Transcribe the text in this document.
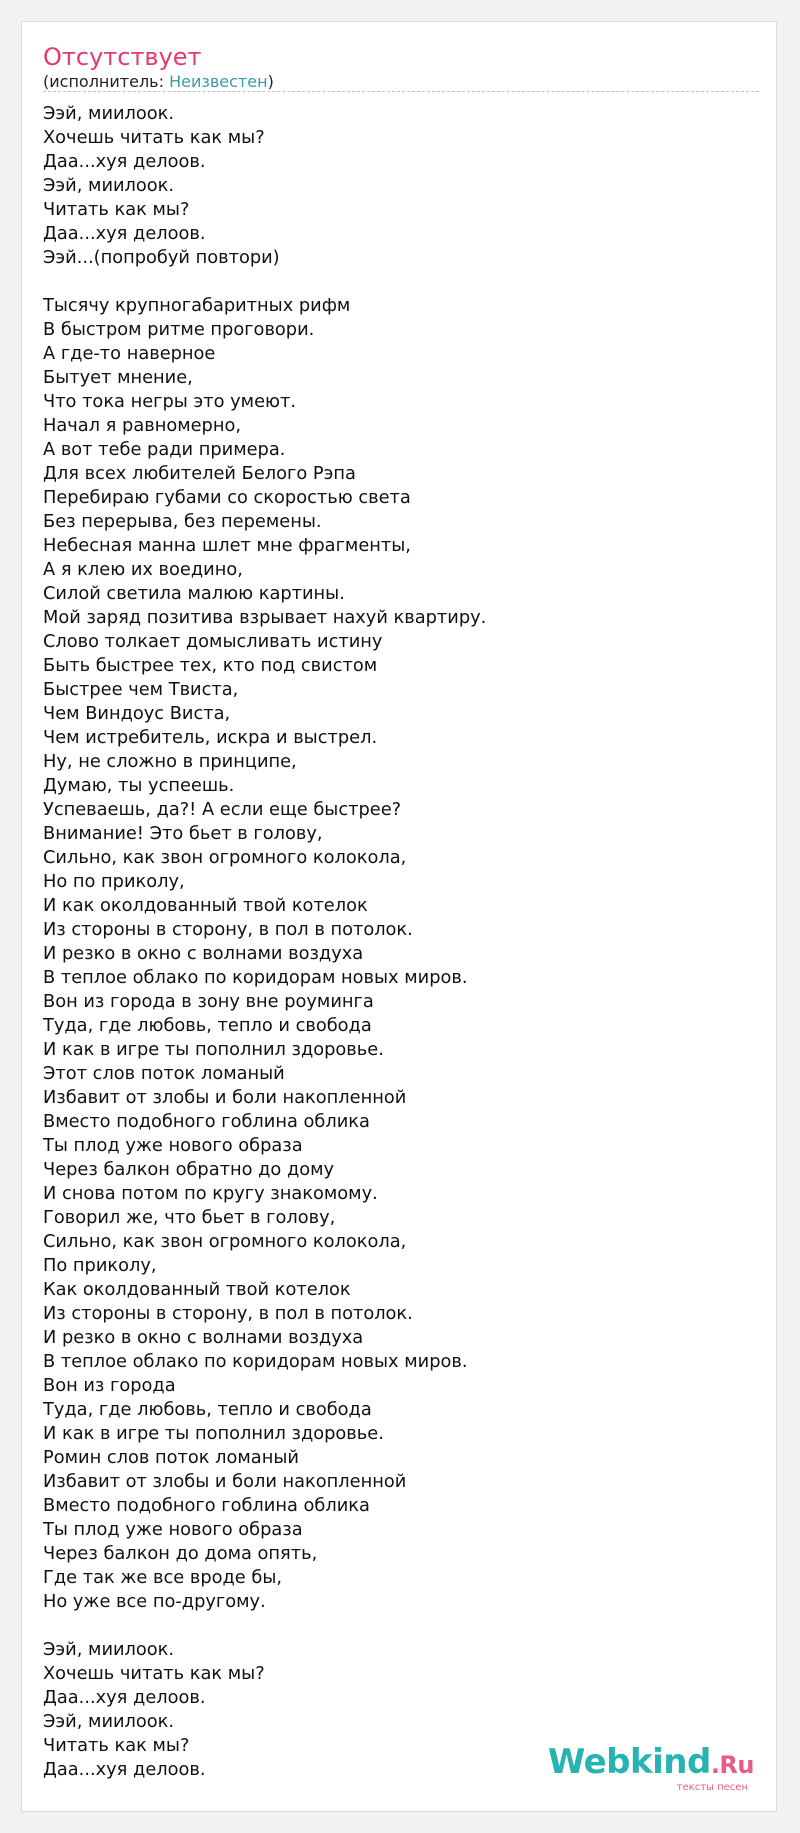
Отсутствует
(исполнитель: Неизвестен)
Ээй, миилоок.
Хочешь читать как мы?
Даа...хуя делоов.
Ээй, миилоок.
Читать как мы?
Даа...хуя делоов.
Ээй...(попробуй повтори)
Тысячу крупногабаритных рифм
В быстром ритме проговори.
А где-то наверное
Бытует мнение,
Что тока негры это умеют.
Начал я равномерно,
А вот тебе ради примера.
Для всех любителей Белого Рэпа
Перебираю губами со скоростью света
Без перерыва, без перемены.
Небесная манна шлет мне фрагменты,
А я клею их воедино,
Силой светила малюю картины.
Мой заряд позитива взрывает нахуй квартиру.
Слово толкает домысливать истину
Быть быстрее тех, кто под свистом
Быстрее чем Твиста,
Чем Виндоус Виста,
Чем истребитель, искра и выстрел.
Ну, не сложно в принципе,
Думаю, ты успеешь.
Успеваешь, да?! А если еще быстрее?
Внимание! Это бьет в голову,
Сильно, как звон огромного колокола,
Но по приколу,
И как околдованный твой котелок
Из стороны в сторону, в пол в потолок.
И резко в окно с волнами воздуха
В теплое облако по коридорам новых миров.
Вон из города в зону вне роуминга
Туда, где любовь, тепло и свобода
И как в игре ты пополнил здоровье.
Этот слов поток ломаный
Избавит от злобы и боли накопленной
Вместо подобного гоблина облика
Ты плод уже нового образа
Через балкон обратно до дому
И снова потом по кругу знакомому.
Говорил же, что бьет в голову,
Сильно, как звон огромного колокола,
По приколу,
Как околдованный твой котелок
Из стороны в сторону, в пол в потолок.
И резко в окно с волнами воздуха
В теплое облако по коридорам новых миров.
Вон из города
Туда, где любовь, тепло и свобода
И как в игре ты пополнил здоровье.
Ромин слов поток ломаный
Избавит от злобы и боли накопленной
Вместо подобного гоблина облика
Ты плод уже нового образа
Через балкон до дома опять,
Где так же все вроде бы,
Но уже все по-другому.
Ээй, миилоок.
Хочешь читать как мы?
Даа...хуя делоов.
Ээй, миилоок.
Читать как мы?
Даа...хуя делоов.	Webkind.Ru
тексты песен
